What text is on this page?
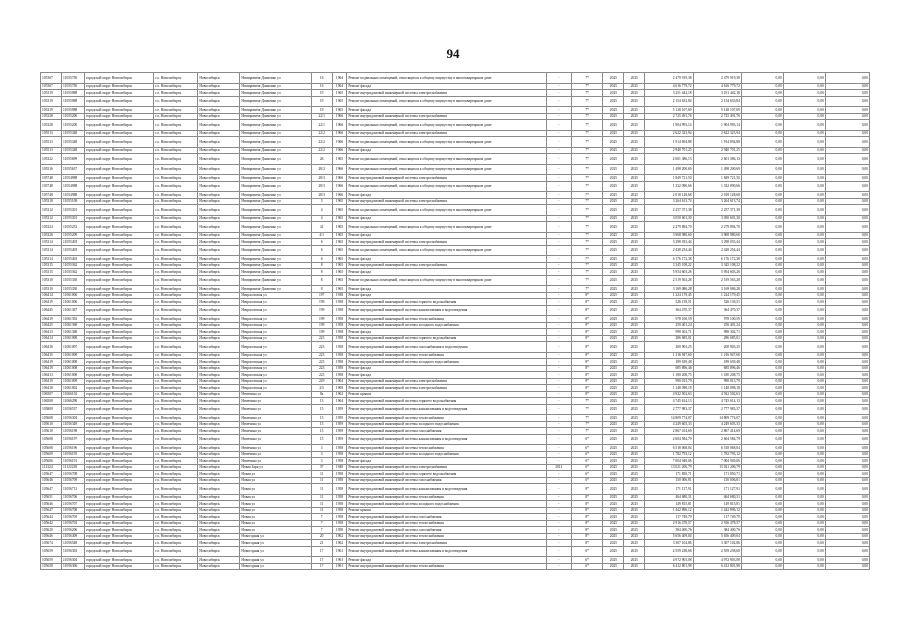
94
105367	11055750	городской округ Новосибирск	г.о. Новосибирск	Новосибирск	Немировича-Данченко ул	16	1964	Ремонт подвальных помещений, относящихся к общему имуществу в многоквартирном доме	-	7*	2025	2025	2 479 919,38	2 479 919,38	0,00	0,00	0,00
105367	11055750	городской округ Новосибирск	г.о. Новосибирск	Новосибирск	Немировича-Данченко ул	16	1964	Ремонт фасада	-	7*	2025	2025	4 616 779,72	4 616 779,72	0,00	0,00	0,00
105319	11055988	городской округ Новосибирск	г.о. Новосибирск	Новосибирск	Немировича-Данченко ул	19	1965	Ремонт внутридомовой инженерной системы электроснабжения	-	7*	2025	2025	3 251 442,18	3 251 442,18	0,00	0,00	0,00
105319	11055988	городской округ Новосибирск	г.о. Новосибирск	Новосибирск	Немировича-Данченко ул	19	1965	Ремонт подвальных помещений, относящихся к общему имуществу в многоквартирном доме	-	7*	2025	2025	2 154 633,84	2 154 633,84	0,00	0,00	0,00
105319	11055988	городской округ Новосибирск	г.о. Новосибирск	Новосибирск	Немировича-Данченко ул	19	1965	Ремонт фасада	-	7*	2025	2025	5 128 107,69	5 128 107,69	0,00	0,00	0,00
105328	11055200	городской округ Новосибирск	г.о. Новосибирск	Новосибирск	Немировича-Данченко ул	22/1	1966	Ремонт внутридомовой инженерной системы электроснабжения	-	7*	2025	2025	2 725 491,76	2 725 491,76	0,00	0,00	0,00
105328	11055200	городской округ Новосибирск	г.о. Новосибирск	Новосибирск	Немировича-Данченко ул	22/1	1966	Ремонт подвальных помещений, относящихся к общему имуществу в многоквартирном доме	-	7*	2025	2025	1 904 993,14	1 904 993,14	0,00	0,00	0,00
105513	11055348	городской округ Новосибирск	г.о. Новосибирск	Новосибирск	Немировича-Данченко ул	22/2	1966	Ремонт внутридомовой инженерной системы электроснабжения	-	7*	2025	2025	2 622 323,94	2 622 323,94	0,00	0,00	0,00
105513	11055348	городской округ Новосибирск	г.о. Новосибирск	Новосибирск	Немировича-Данченко ул	22/2	1966	Ремонт подвальных помещений, относящихся к общему имуществу в многоквартирном доме	-	7*	2025	2025	1 914 694,88	1 914 694,88	0,00	0,00	0,00
105513	11055348	городской округ Новосибирск	г.о. Новосибирск	Новосибирск	Немировича-Данченко ул	22/2	1966	Ремонт фасада	-	7*	2025	2025	2 940 701,25	2 940 701,25	0,00	0,00	0,00
105322	11055699	городской округ Новосибирск	г.о. Новосибирск	Новосибирск	Немировича-Данченко ул	26	1965	Ремонт подвальных помещений, относящихся к общему имуществу в многоквартирном доме	-	7*	2025	2025	2 601 386,13	2 601 386,13	0,00	0,00	0,00
105516	11055637	городской округ Новосибирск	г.о. Новосибирск	Новосибирск	Немировича-Данченко ул	28/2	1966	Ремонт подвальных помещений, относящихся к общему имуществу в многоквартирном доме	-	7*	2025	2025	1 498 200,69	1 498 200,69	0,00	0,00	0,00
105748	11054988	городской округ Новосибирск	г.о. Новосибирск	Новосибирск	Немировича-Данченко ул	28/3	1966	Ремонт внутридомовой инженерной системы электроснабжения	-	7*	2025	2025	1 849 721,50	1 849 721,50	0,00	0,00	0,00
105748	11054988	городской округ Новосибирск	г.о. Новосибирск	Новосибирск	Немировича-Данченко ул	28/3	1966	Ремонт подвальных помещений, относящихся к общему имуществу в многоквартирном доме	-	7*	2025	2025	1 332 090,66	1 332 090,66	0,00	0,00	0,00
105748	11054988	городской округ Новосибирск	г.о. Новосибирск	Новосибирск	Немировича-Данченко ул	28/3	1966	Ремонт фасада	-	7*	2025	2025	2 018 128,68	2 018 128,68	0,00	0,00	0,00
105318	11055108	городской округ Новосибирск	г.о. Новосибирск	Новосибирск	Немировича-Данченко ул	3	1965	Ремонт внутридомовой инженерной системы электроснабжения	-	7*	2025	2025	3 264 613,74	3 264 613,74	0,00	0,00	0,00
105312	11055301	городской округ Новосибирск	г.о. Новосибирск	Новосибирск	Немировича-Данченко ул	4	1965	Ремонт подвальных помещений, относящихся к общему имуществу в многоквартирном доме	-	7*	2025	2025	2 257 371,38	2 257 371,38	0,00	0,00	0,00
105312	11055301	городской округ Новосибирск	г.о. Новосибирск	Новосибирск	Немировича-Данченко ул	4	1965	Ремонт фасада	-	7*	2025	2025	3 050 601,30	3 050 601,30	0,00	0,00	0,00
105324	11055233	городской округ Новосибирск	г.о. Новосибирск	Новосибирск	Немировича-Данченко ул	41	1965	Ремонт подвальных помещений, относящихся к общему имуществу в многоквартирном доме	-	7*	2025	2025	2 279 894,70	2 279 894,70	0,00	0,00	0,00
105326	11055209	городской округ Новосибирск	г.о. Новосибирск	Новосибирск	Немировича-Данченко ул	4/1	1965	Ремонт фасада	-	7*	2025	2025	3 968 980,60	3 968 980,60	0,00	0,00	0,00
105314	11055403	городской округ Новосибирск	г.о. Новосибирск	Новосибирск	Немировича-Данченко ул	6	1965	Ремонт внутридомовой инженерной системы электроснабжения	-	7*	2025	2025	3 298 033,44	3 298 033,44	0,00	0,00	0,00
105314	11055403	городской округ Новосибирск	г.о. Новосибирск	Новосибирск	Немировича-Данченко ул	6	1965	Ремонт подвальных помещений, относящихся к общему имуществу в многоквартирном доме	-	7*	2025	2025	2 428 254,44	2 428 254,44	0,00	0,00	0,00
105314	11055403	городской округ Новосибирск	г.о. Новосибирск	Новосибирск	Немировича-Данченко ул	6	1965	Ремонт фасада	-	7*	2025	2025	6 176 172,38	6 176 172,38	0,00	0,00	0,00
105315	11055362	городской округ Новосибирск	г.о. Новосибирск	Новосибирск	Немировича-Данченко ул	8	1965	Ремонт внутридомовой инженерной системы электроснабжения	-	7*	2025	2025	3 345 108,22	3 345 108,22	0,00	0,00	0,00
105315	11055362	городской округ Новосибирск	г.о. Новосибирск	Новосибирск	Немировича-Данченко ул	8	1965	Ремонт фасада	-	7*	2025	2025	5 954 603,26	5 954 603,26	0,00	0,00	0,00
105310	11055330	городской округ Новосибирск	г.о. Новосибирск	Новосибирск	Немировича-Данченко ул	8	1965	Ремонт подвальных помещений, относящихся к общему имуществу в многоквартирном доме	-	7*	2025	2025	2 519 563,28	2 519 563,28	0,00	0,00	0,00
105310	11055330	городской округ Новосибирск	г.о. Новосибирск	Новосибирск	Немировича-Данченко ул	8	1965	Ремонт фасада	-	7*	2025	2025	3 169 086,28	3 169 086,28	0,00	0,00	0,00
106414	11061006	городской округ Новосибирск	г.о. Новосибирск	Новосибирск	Некрасовская ул	197	1938	Ремонт фасада	-	8*	2025	2025	1 224 179,45	1 224 179,45	0,00	0,00	0,00
106419	11061006	городской округ Новосибирск	г.о. Новосибирск	Новосибирск	Некрасовская ул	199	1958	Ремонт внутридомовой инженерной системы горячего водоснабжения	-	8*	2025	2025	526 139,51	526 139,51	0,00	0,00	0,00
106445	11061367	городской округ Новосибирск	г.о. Новосибирск	Новосибирск	Некрасовская ул	199	1958	Ремонт внутридомовой инженерной системы канализования и водоотведения	-	8*	2025	2025	364 470,37	364 470,37	0,00	0,00	0,00
106419	11061392	городской округ Новосибирск	г.о. Новосибирск	Новосибирск	Некрасовская ул	199	1958	Ремонт внутридомовой инженерной системы теплоснабжения	-	8*	2025	2025	978 100,59	978 100,59	0,00	0,00	0,00
106425	11061368	городской округ Новосибирск	г.о. Новосибирск	Новосибирск	Некрасовская ул	199	1958	Ремонт внутридомовой инженерной системы холодного водоснабжения	-	8*	2025	2025	250 401,24	250 401,24	0,00	0,00	0,00
106413	11061368	городской округ Новосибирск	г.о. Новосибирск	Новосибирск	Некрасовская ул	199	1958	Ремонт фасада	-	8*	2025	2025	998 302,71	998 302,71	0,00	0,00	0,00
106414	11061008	городской округ Новосибирск	г.о. Новосибирск	Новосибирск	Некрасовская ул	223	1958	Ремонт внутридомовой инженерной системы горячего водоснабжения	-	8*	2025	2025	286 685,01	286 685,01	0,00	0,00	0,00
106416	11061007	городской округ Новосибирск	г.о. Новосибирск	Новосибирск	Некрасовская ул	223	1958	Ремонт внутридомовой инженерной системы газоснабжения и водоотведения	-	8*	2025	2025	200 903,25	200 903,25	0,00	0,00	0,00
106415	11061008	городской округ Новосибирск	г.о. Новосибирск	Новосибирск	Некрасовская ул	223	1958	Ремонт внутридомовой инженерной системы теплоснабжения	-	8*	2025	2025	1 216 947,60	1 216 947,60	0,00	0,00	0,00
106419	11061008	городской округ Новосибирск	г.о. Новосибирск	Новосибирск	Некрасовская ул	223	1958	Ремонт внутридомовой инженерной системы холодного водоснабжения	-	8*	2025	2025	189 639,48	189 639,48	0,00	0,00	0,00
106419	11061008	городской округ Новосибирск	г.о. Новосибирск	Новосибирск	Некрасовская ул	223	1958	Ремонт фасада	-	8*	2025	2025	685 896,46	685 896,46	0,00	0,00	0,00
106413	11061008	городской округ Новосибирск	г.о. Новосибирск	Новосибирск	Некрасовская ул	225	1958	Ремонт фасада	-	8*	2025	2025	1 180 208,75	1 180 208,75	0,00	0,00	0,00
106419	11061009	городской округ Новосибирск	г.о. Новосибирск	Новосибирск	Некрасовская ул	229	1964	Ремонт внутридомовой инженерной системы электроснабжения	-	8*	2025	2025	990 013,79	990 013,79	0,00	0,00	0,00
106418	11061002	городской округ Новосибирск	г.о. Новосибирск	Новосибирск	Некрасовская ул	2/5	1969	Ремонт внутридомовой инженерной системы электроснабжения	-	8*	2025	2025	1 148 098,18	1 148 098,18	0,00	0,00	0,00
106507	11066102	городской округ Новосибирск	г.о. Новосибирск	Новосибирск	Немечина ул	8а	1962	Ремонт крыши	-	8*	2025	2025	4 922 502,63	4 922 502,63	0,00	0,00	0,00
106508	11066298	городской округ Новосибирск	г.о. Новосибирск	Новосибирск	Немечина ул	13	1964	Ремонт внутридомовой инженерной системы горячего водоснабжения	-	7*	2025	2025	4 745 614,13	4 745 614,13	0,00	0,00	0,00
105809	11056537	городской округ Новосибирск	г.о. Новосибирск	Новосибирск	Немечина ул	15	1959	Ремонт внутридомовой инженерной системы канализования и водоотведения	-	7*	2025	2025	2 777 983,37	2 777 983,37	0,00	0,00	0,00
105608	11056304	городской округ Новосибирск	г.о. Новосибирск	Новосибирск	Немечина ул	15	1959	Ремонт внутридомовой инженерной системы теплоснабжения	-	7*	2025	2025	14 809 774,07	14 809 774,07	0,00	0,00	0,00
105610	11056349	городской округ Новосибирск	г.о. Новосибирск	Новосибирск	Немечина ул	15	1959	Ремонт внутридомовой инженерной системы холодного водоснабжения	-	7*	2025	2025	4 249 603,33	4 249 603,33	0,00	0,00	0,00
105610	11056198	городской округ Новосибирск	г.о. Новосибирск	Новосибирск	Немечина ул	15	1959	Ремонт внутридомовой инженерной системы газоснабжения	-	7*	2025	2025	2 867 414,69	2 867 414,69	0,00	0,00	0,00
105608	11056197	городской округ Новосибирск	г.о. Новосибирск	Новосибирск	Немечина ул	15	1959	Ремонт внутридомовой инженерной системы канализования и водоотведения	-	6*	2025	2025	2 604 584,79	2 604 584,79	0,00	0,00	0,00
105608	11056196	городской округ Новосибирск	г.о. Новосибирск	Новосибирск	Немечина ул	3	1958	Ремонт внутридомовой инженерной системы теплоснабжения	-	6*	2025	2025	6 518 068,04	6 518 068,04	0,00	0,00	0,00
105609	11056195	городской округ Новосибирск	г.о. Новосибирск	Новосибирск	Немечина ул	3	1958	Ремонт внутридомовой инженерной системы холодного водоснабжения	-	6*	2025	2025	1 782 793,12	1 782 793,12	0,00	0,00	0,00
105606	11056191	городской округ Новосибирск	г.о. Новосибирск	Новосибирск	Немечина ул	3	1958	Ремонт фасада	-	6*	2025	2025	7 004 949,06	7 004 949,06	0,00	0,00	0,00
112324	11122218	городской округ Новосибирск	г.о. Новосибирск	Новосибирск	Новая Заря ул	37	1948	Ремонт внутридомовой инженерной системы электроснабжения	2011	6*	2025	2025	13 021 206,79	13 021 206,79	0,00	0,00	0,00
105647	11056708	городской округ Новосибирск	г.о. Новосибирск	Новосибирск	Новая ул	11	1958	Ремонт внутридомовой инженерной системы горячего водоснабжения	-	6*	2025	2025	171 850,71	171 850,71	0,00	0,00	0,00
105646	11056709	городской округ Новосибирск	г.о. Новосибирск	Новосибирск	Новая ул	11	1958	Ремонт внутридомовой инженерной системы газоснабжения	-	6*	2025	2025	150 006,81	150 006,81	0,00	0,00	0,00
105647	11056712	городской округ Новосибирск	г.о. Новосибирск	Новосибирск	Новая ул	11	1958	Ремонт внутридомовой инженерной системы канализования и водоотведения	-	8*	2025	2025	171 127,91	171 127,91	0,00	0,00	0,00
105651	11056706	городской округ Новосибирск	г.о. Новосибирск	Новосибирск	Новая ул	11	1958	Ремонт внутридомовой инженерной системы теплоснабжения	-	8*	2025	2025	464 680,31	464 680,31	0,00	0,00	0,00
105646	11056707	городской округ Новосибирск	г.о. Новосибирск	Новосибирск	Новая ул	11	1958	Ремонт внутридомовой инженерной системы холодного водоснабжения	-	8*	2025	2025	149 815,81	149 815,81	0,00	0,00	0,00
105647	11056708	городской округ Новосибирск	г.о. Новосибирск	Новосибирск	Новая ул	11	1958	Ремонт крыши	-	8*	2025	2025	1 442 896,12	1 442 896,12	0,00	0,00	0,00
105644	11056705	городской округ Новосибирск	г.о. Новосибирск	Новосибирск	Новая ул	7	1958	Ремонт внутридомовой инженерной системы газоснабжения	-	8*	2025	2025	117 749,79	117 749,79	0,00	0,00	0,00
105642	11056703	городской округ Новосибирск	г.о. Новосибирск	Новосибирск	Новая ул	7	1958	Ремонт внутридомовой инженерной системы теплоснабжения	-	8*	2025	2025	2 916 478,57	2 916 478,57	0,00	0,00	0,00
105620	11056206	городской округ Новосибирск	г.о. Новосибирск	Новосибирск	Новая ул	7	1958	Ремонт внутридомовой инженерной системы газоснабжения	-	8*	2025	2025	384 400,76	384 400,76	0,00	0,00	0,00
105646	11056409	городской округ Новосибирск	г.о. Новосибирск	Новосибирск	Новогодняя ул	20	1962	Ремонт внутридомовой инженерной системы теплоснабжения	-	8*	2025	2025	5 656 409,04	5 656 409,04	0,00	0,00	0,00
105674	11056548	городской округ Новосибирск	г.о. Новосибирск	Новосибирск	Новогодняя ул	21	1962	Ремонт внутридомовой инженерной системы электроснабжения	-	8*	2025	2025	3 307 102,86	3 307 102,86	0,00	0,00	0,00
105659	11056303	городской округ Новосибирск	г.о. Новосибирск	Новосибирск	Новогодняя ул	17	1961	Ремонт внутридомовой инженерной системы канализования и водоотведения	-	6*	2025	2025	2 559 238,68	2 559 238,68	0,00	0,00	0,00
105659	11056304	городской округ Новосибирск	г.о. Новосибирск	Новосибирск	Новогодняя ул	17	1961	Ремонт фасада	-	6*	2025	2025	4 972 903,08	4 972 903,08	0,00	0,00	0,00
105658	11056306	городской округ Новосибирск	г.о. Новосибирск	Новосибирск	Новогодняя ул	17	1961	Ремонт внутридомовой инженерной системы теплоснабжения	-	6*	2025	2025	6 412 801,98	6 412 801,98	0,00	0,00	0,00
